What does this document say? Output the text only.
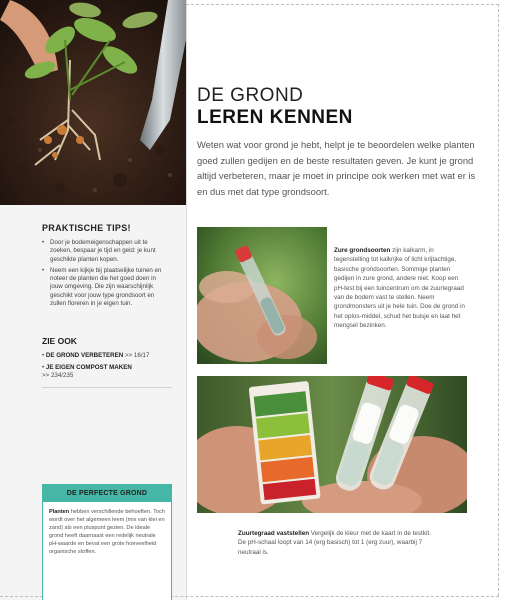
PRAKTISCHE TIPS!
• Door je bodemeigenschappen uit te zoeken, bespaar je tijd en geld: je kunt geschikte planten kopen.
• Neem een kijkje bij plaatselijke tuinen en noteer de planten die het goed doen in jouw omgeving. Die zijn waarschijnlijk geschikt voor jouw type grondsoort en zullen floreren in je eigen tuin.
ZIE OOK
• DE GROND VERBETEREN >> 16/17
• JE EIGEN COMPOST MAKEN
>> 234/235
DE PERFECTE GROND
Planten hebben verschillende behoeften. Toch wordt over het algemeen leem (mix van klei en zand) als een pluspunt gezien. De ideale grond heeft daarnaast een redelijk neutrale pH-waarde en bevat een grote hoeveelheid organische stoffen.
DE GROND
LEREN KENNEN

Weten wat voor grond je hebt, helpt je te beoordelen welke planten goed zullen gedijen en de beste resultaten geven. Je kunt je grond altijd verbeteren, maar je moet in principe ook werken met wat er is en dus met dat type grondsoort.

Zure grondsoorten zijn kalkarm, in tegenstelling tot kalkrijke of licht krijtachtige, basische grondsoorten. Sommige planten gedijen in zure grond, andere niet. Koop een pH-test bij een tuincentrum om de zuurtegraad van de bodem vast te stellen. Neem grondmonsters uit je hele tuin. Doe de grond in het oplos-middel, schud het buisje en laat het mengsel bezinken.
Zuurtegraad vaststellen Vergelijk de kleur met de kaart in de testkit. De pH-schaal loopt van 14 (erg basisch) tot 1 (erg zuur), waarbij 7 neutraal is.
